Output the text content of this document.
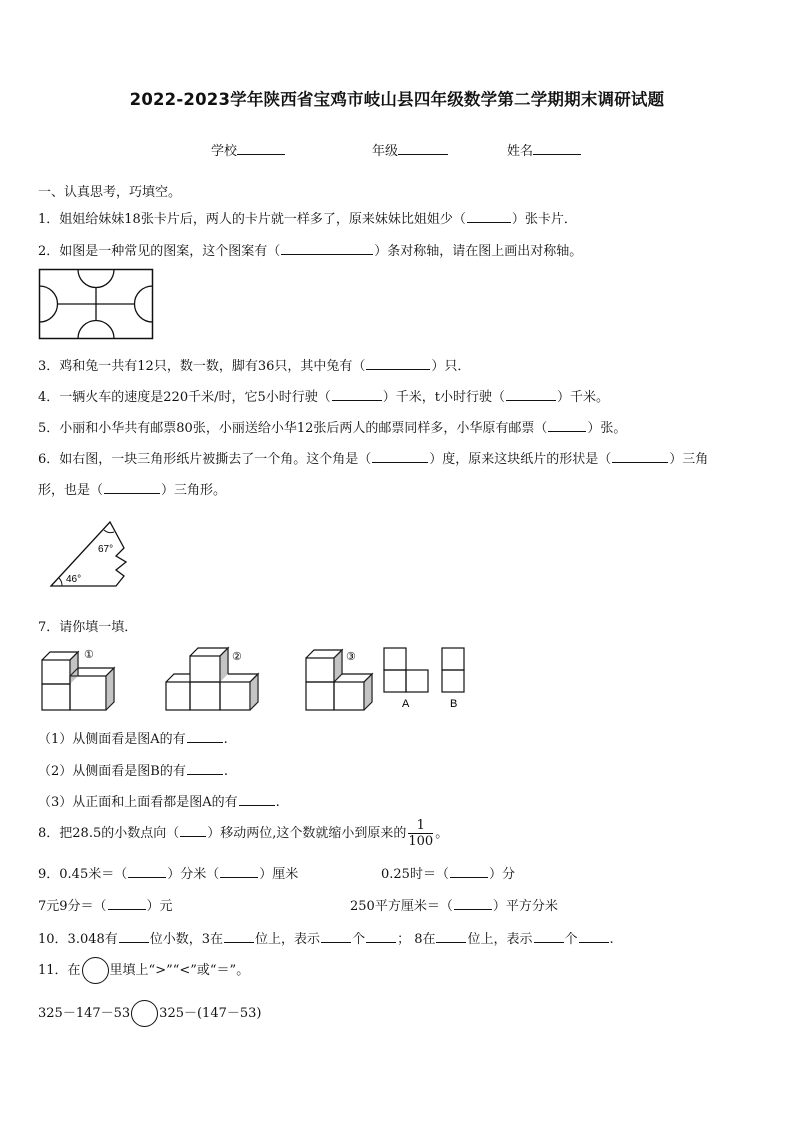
2022-2023学年陕西省宝鸡市岐山县四年级数学第二学期期末调研试题
学校	年级	姓名
一、认真思考，巧填空。
1．姐姐给妹妹18张卡片后，两人的卡片就一样多了，原来妹妹比姐姐少（	）张卡片．
2．如图是一种常见的图案，这个图案有（	）条对称轴，请在图上画出对称轴。
3．鸡和兔一共有12只，数一数，脚有36只，其中兔有（	）只．
4．一辆火车的速度是220千米/时，它5小时行驶（	）千米，t小时行驶（	）千米。
5．小丽和小华共有邮票80张，小丽送给小华12张后两人的邮票同样多，小华原有邮票（	）张。
6．如右图，一块三角形纸片被撕去了一个角。这个角是（	）度，原来这块纸片的形状是（	）三角
形，也是（	）三角形。
67°
46°
7．请你填一填．
①	②	③
A	B
（1）从侧面看是图A的有	.
（2）从侧面看是图B的有	.
（3）从正面和上面看都是图A的有	.
8．把28.5的小数点向（ ）移动两位,这个数就缩小到原来的 $\frac{1}{100}$ 。
9．0.45米＝（	）分米（	）厘米	0.25时＝（	）分
7元9分＝（	）元	250平方厘米＝（	）平方分米
10．3.048有 位小数，3在 位上，表示 个 ； 8在 位上，表示 个 .
11．在 里填上“>”“<”或“＝”。
325－147－53 325－(147－53)
